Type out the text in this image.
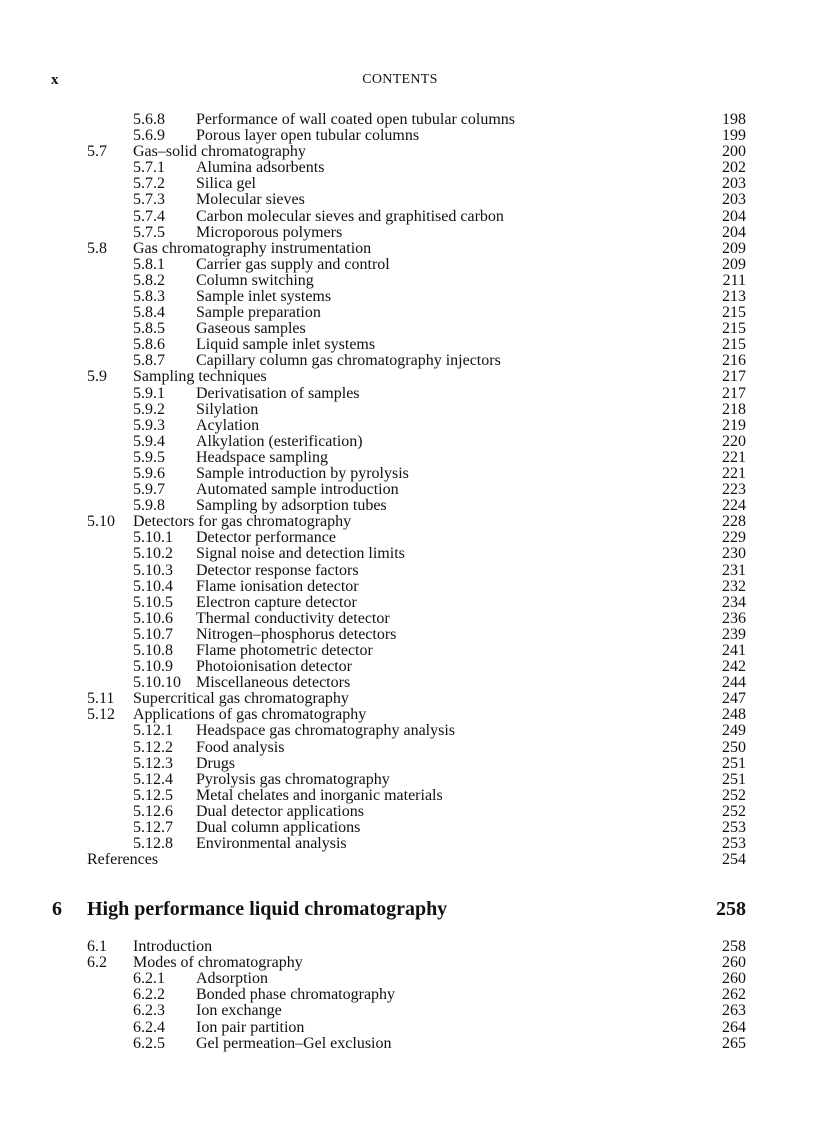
x	CONTENTS
5.6.8 Performance of wall coated open tubular columns	198
5.6.9 Porous layer open tubular columns	199
5.7 Gas–solid chromatography	200
5.7.1 Alumina adsorbents	202
5.7.2 Silica gel	203
5.7.3 Molecular sieves	203
5.7.4 Carbon molecular sieves and graphitised carbon	204
5.7.5 Microporous polymers	204
5.8 Gas chromatography instrumentation	209
5.8.1 Carrier gas supply and control	209
5.8.2 Column switching	211
5.8.3 Sample inlet systems	213
5.8.4 Sample preparation	215
5.8.5 Gaseous samples	215
5.8.6 Liquid sample inlet systems	215
5.8.7 Capillary column gas chromatography injectors	216
5.9 Sampling techniques	217
5.9.1 Derivatisation of samples	217
5.9.2 Silylation	218
5.9.3 Acylation	219
5.9.4 Alkylation (esterification)	220
5.9.5 Headspace sampling	221
5.9.6 Sample introduction by pyrolysis	221
5.9.7 Automated sample introduction	223
5.9.8 Sampling by adsorption tubes	224
5.10 Detectors for gas chromatography	228
5.10.1 Detector performance	229
5.10.2 Signal noise and detection limits	230
5.10.3 Detector response factors	231
5.10.4 Flame ionisation detector	232
5.10.5 Electron capture detector	234
5.10.6 Thermal conductivity detector	236
5.10.7 Nitrogen–phosphorus detectors	239
5.10.8 Flame photometric detector	241
5.10.9 Photoionisation detector	242
5.10.10 Miscellaneous detectors	244
5.11 Supercritical gas chromatography	247
5.12 Applications of gas chromatography	248
5.12.1 Headspace gas chromatography analysis	249
5.12.2 Food analysis	250
5.12.3 Drugs	251
5.12.4 Pyrolysis gas chromatography	251
5.12.5 Metal chelates and inorganic materials	252
5.12.6 Dual detector applications	252
5.12.7 Dual column applications	253
5.12.8 Environmental analysis	253
References	254
6 High performance liquid chromatography	258
6.1 Introduction	258
6.2 Modes of chromatography	260
6.2.1 Adsorption	260
6.2.2 Bonded phase chromatography	262
6.2.3 Ion exchange	263
6.2.4 Ion pair partition	264
6.2.5 Gel permeation–Gel exclusion	265
